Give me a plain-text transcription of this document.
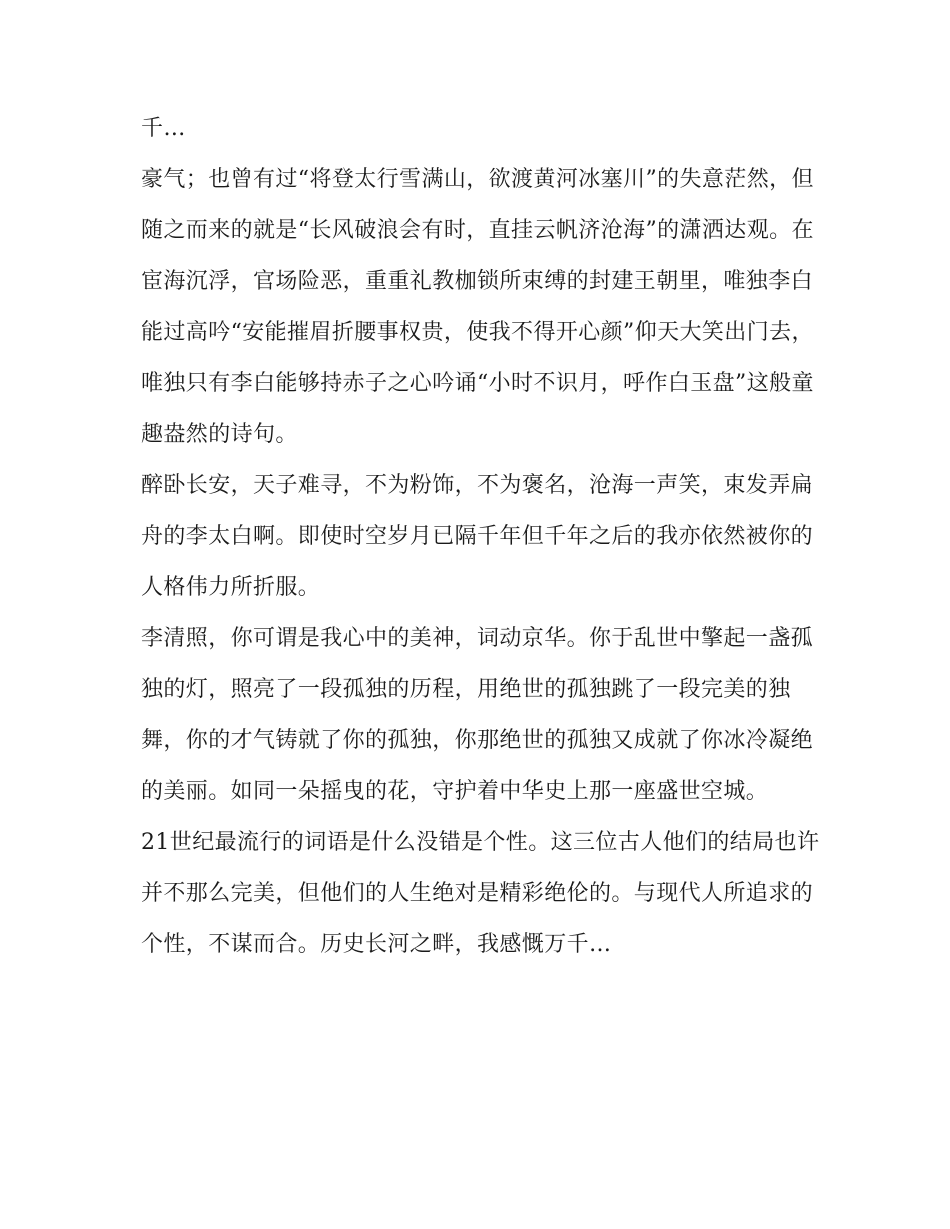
千…

豪气；也曾有过“将登太行雪满山，欲渡黄河冰塞川”的失意茫然，但随之而来的就是“长风破浪会有时，直挂云帆济沧海”的潇洒达观。在宦海沉浮，官场险恶，重重礼教枷锁所束缚的封建王朝里，唯独李白能过高吟“安能摧眉折腰事权贵，使我不得开心颜”仰天大笑出门去，唯独只有李白能够持赤子之心吟诵“小时不识月，呼作白玉盘”这般童趣盎然的诗句。

醉卧长安，天子难寻，不为粉饰，不为褒名，沧海一声笑，束发弄扁舟的李太白啊。即使时空岁月已隔千年但千年之后的我亦依然被你的人格伟力所折服。

李清照，你可谓是我心中的美神，词动京华。你于乱世中擎起一盏孤独的灯，照亮了一段孤独的历程，用绝世的孤独跳了一段完美的独舞，你的才气铸就了你的孤独，你那绝世的孤独又成就了你冰冷凝绝的美丽。如同一朵摇曳的花，守护着中华史上那一座盛世空城。

21世纪最流行的词语是什么没错是个性。这三位古人他们的结局也许并不那么完美，但他们的人生绝对是精彩绝伦的。与现代人所追求的个性，不谋而合。历史长河之畔，我感慨万千…
